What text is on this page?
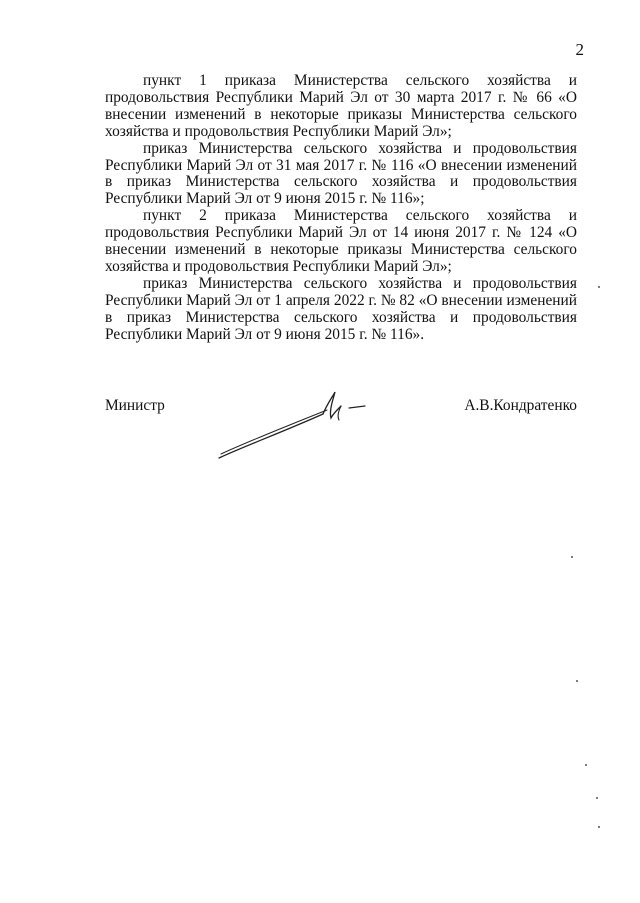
2

пункт 1 приказа Министерства сельского хозяйства и продовольствия Республики Марий Эл от 30 марта 2017 г. № 66 «О внесении изменений в некоторые приказы Министерства сельского хозяйства и продовольствия Республики Марий Эл»;

приказ Министерства сельского хозяйства и продовольствия Республики Марий Эл от 31 мая 2017 г. № 116 «О внесении изменений в приказ Министерства сельского хозяйства и продовольствия Республики Марий Эл от 9 июня 2015 г. № 116»;

пункт 2 приказа Министерства сельского хозяйства и продовольствия Республики Марий Эл от 14 июня 2017 г. № 124 «О внесении изменений в некоторые приказы Министерства сельского хозяйства и продовольствия Республики Марий Эл»;

приказ Министерства сельского хозяйства и продовольствия Республики Марий Эл от 1 апреля 2022 г. № 82 «О внесении изменений в приказ Министерства сельского хозяйства и продовольствия Республики Марий Эл от 9 июня 2015 г. № 116».

Министр	А.В.Кондратенко
